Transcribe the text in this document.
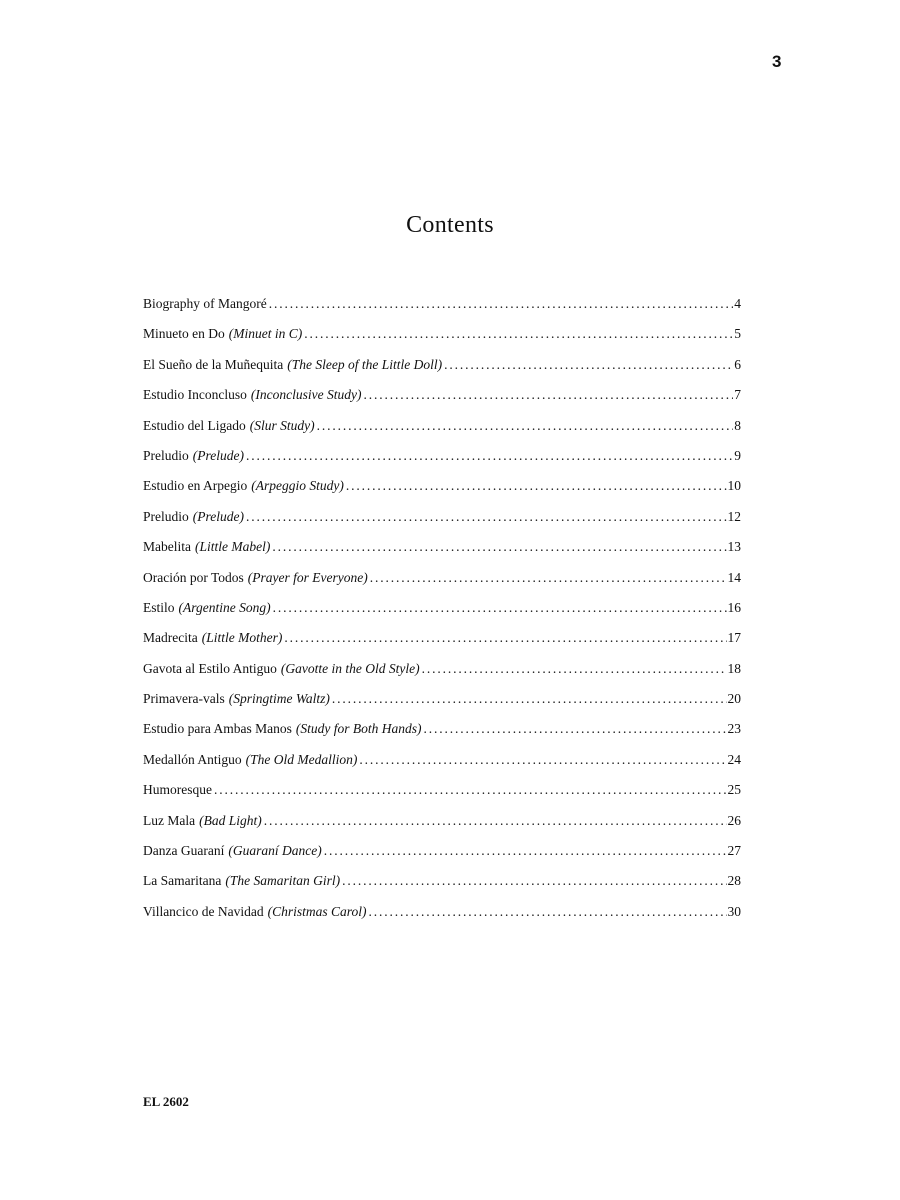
3
Contents
Biography of Mangoré . . .	4
Minueto en Do (Minuet in C) . . .	5
El Sueño de la Muñequita (The Sleep of the Little Doll) . . .	6
Estudio Inconcluso (Inconclusive Study) . . .	7
Estudio del Ligado (Slur Study) . . .	8
Preludio (Prelude) . . .	9
Estudio en Arpegio (Arpeggio Study) . . .	10
Preludio (Prelude) . . .	12
Mabelita (Little Mabel) . . .	13
Oración por Todos (Prayer for Everyone) . . .	14
Estilo (Argentine Song) . . .	16
Madrecita (Little Mother) . . .	17
Gavota al Estilo Antiguo (Gavotte in the Old Style) . . .	18
Primavera-vals (Springtime Waltz) . . .	20
Estudio para Ambas Manos (Study for Both Hands) . . .	23
Medallón Antiguo (The Old Medallion) . . .	24
Humoresque . . .	25
Luz Mala (Bad Light) . . .	26
Danza Guaraní (Guaraní Dance) . . .	27
La Samaritana (The Samaritan Girl) . . .	28
Villancico de Navidad (Christmas Carol) . . .	30
EL 2602
